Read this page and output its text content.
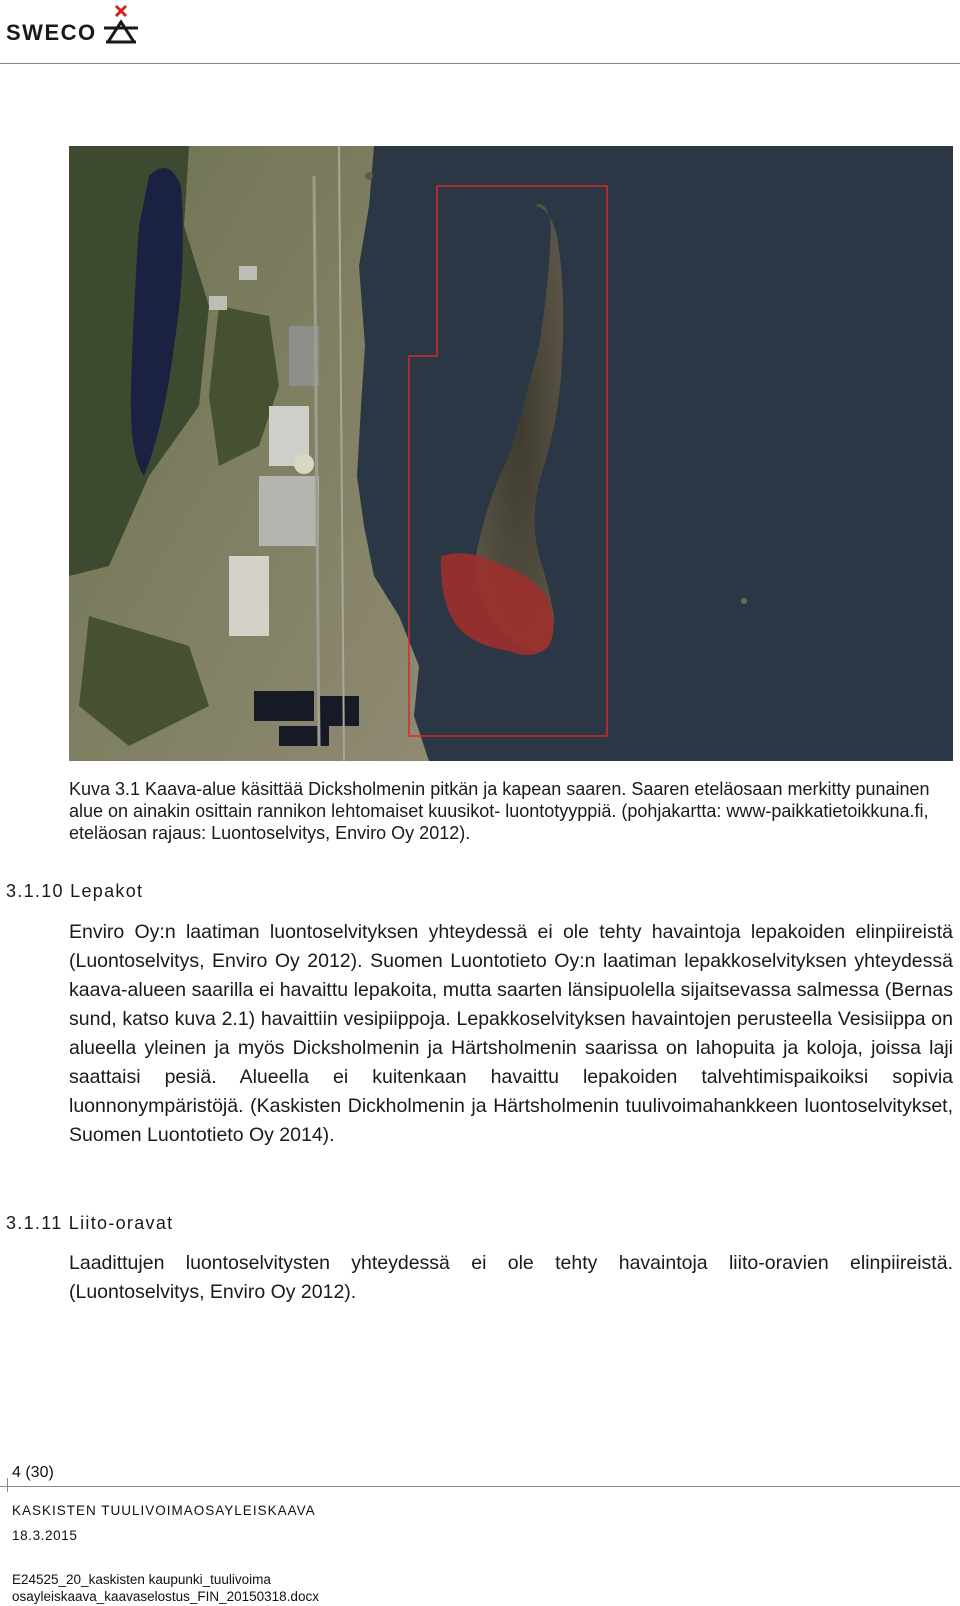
SWECO
Kuva 3.1 Kaava-alue käsittää Dicksholmenin pitkän ja kapean saaren. Saaren eteläosaan merkitty punainen alue on ainakin osittain rannikon lehtomaiset kuusikot- luontotyyppiä. (pohjakartta: www-paikkatietoikkuna.fi, eteläosan rajaus: Luontoselvitys, Enviro Oy 2012).
3.1.10 Lepakot
Enviro Oy:n laatiman luontoselvityksen yhteydessä ei ole tehty havaintoja lepakoiden elinpiireistä (Luontoselvitys, Enviro Oy 2012). Suomen Luontotieto Oy:n laatiman lepakkoselvityksen yhteydessä kaava-alueen saarilla ei havaittu lepakoita, mutta saarten länsipuolella sijaitsevassa salmessa (Bernas sund, katso kuva 2.1) havaittiin vesipiippoja. Lepakkoselvityksen havaintojen perusteella Vesisiippa on alueella yleinen ja myös Dicksholmenin ja Härtsholmenin saarissa on lahopuita ja koloja, joissa laji saattaisi pesiä. Alueella ei kuitenkaan havaittu lepakoiden talvehtimispaikoiksi sopivia luonnonympäristöjä. (Kaskisten Dickholmenin ja Härtsholmenin tuulivoimahankkeen luontoselvitykset, Suomen Luontotieto Oy 2014).
3.1.11 Liito-oravat
Laadittujen luontoselvitysten yhteydessä ei ole tehty havaintoja liito-oravien elinpiireistä. (Luontoselvitys, Enviro Oy 2012).
4 (30)
KASKISTEN TUULIVOIMAOSAYLEISKAAVA
18.3.2015
E24525_20_kaskisten kaupunki_tuulivoima
osayleiskaava_kaavaselostus_FIN_20150318.docx
